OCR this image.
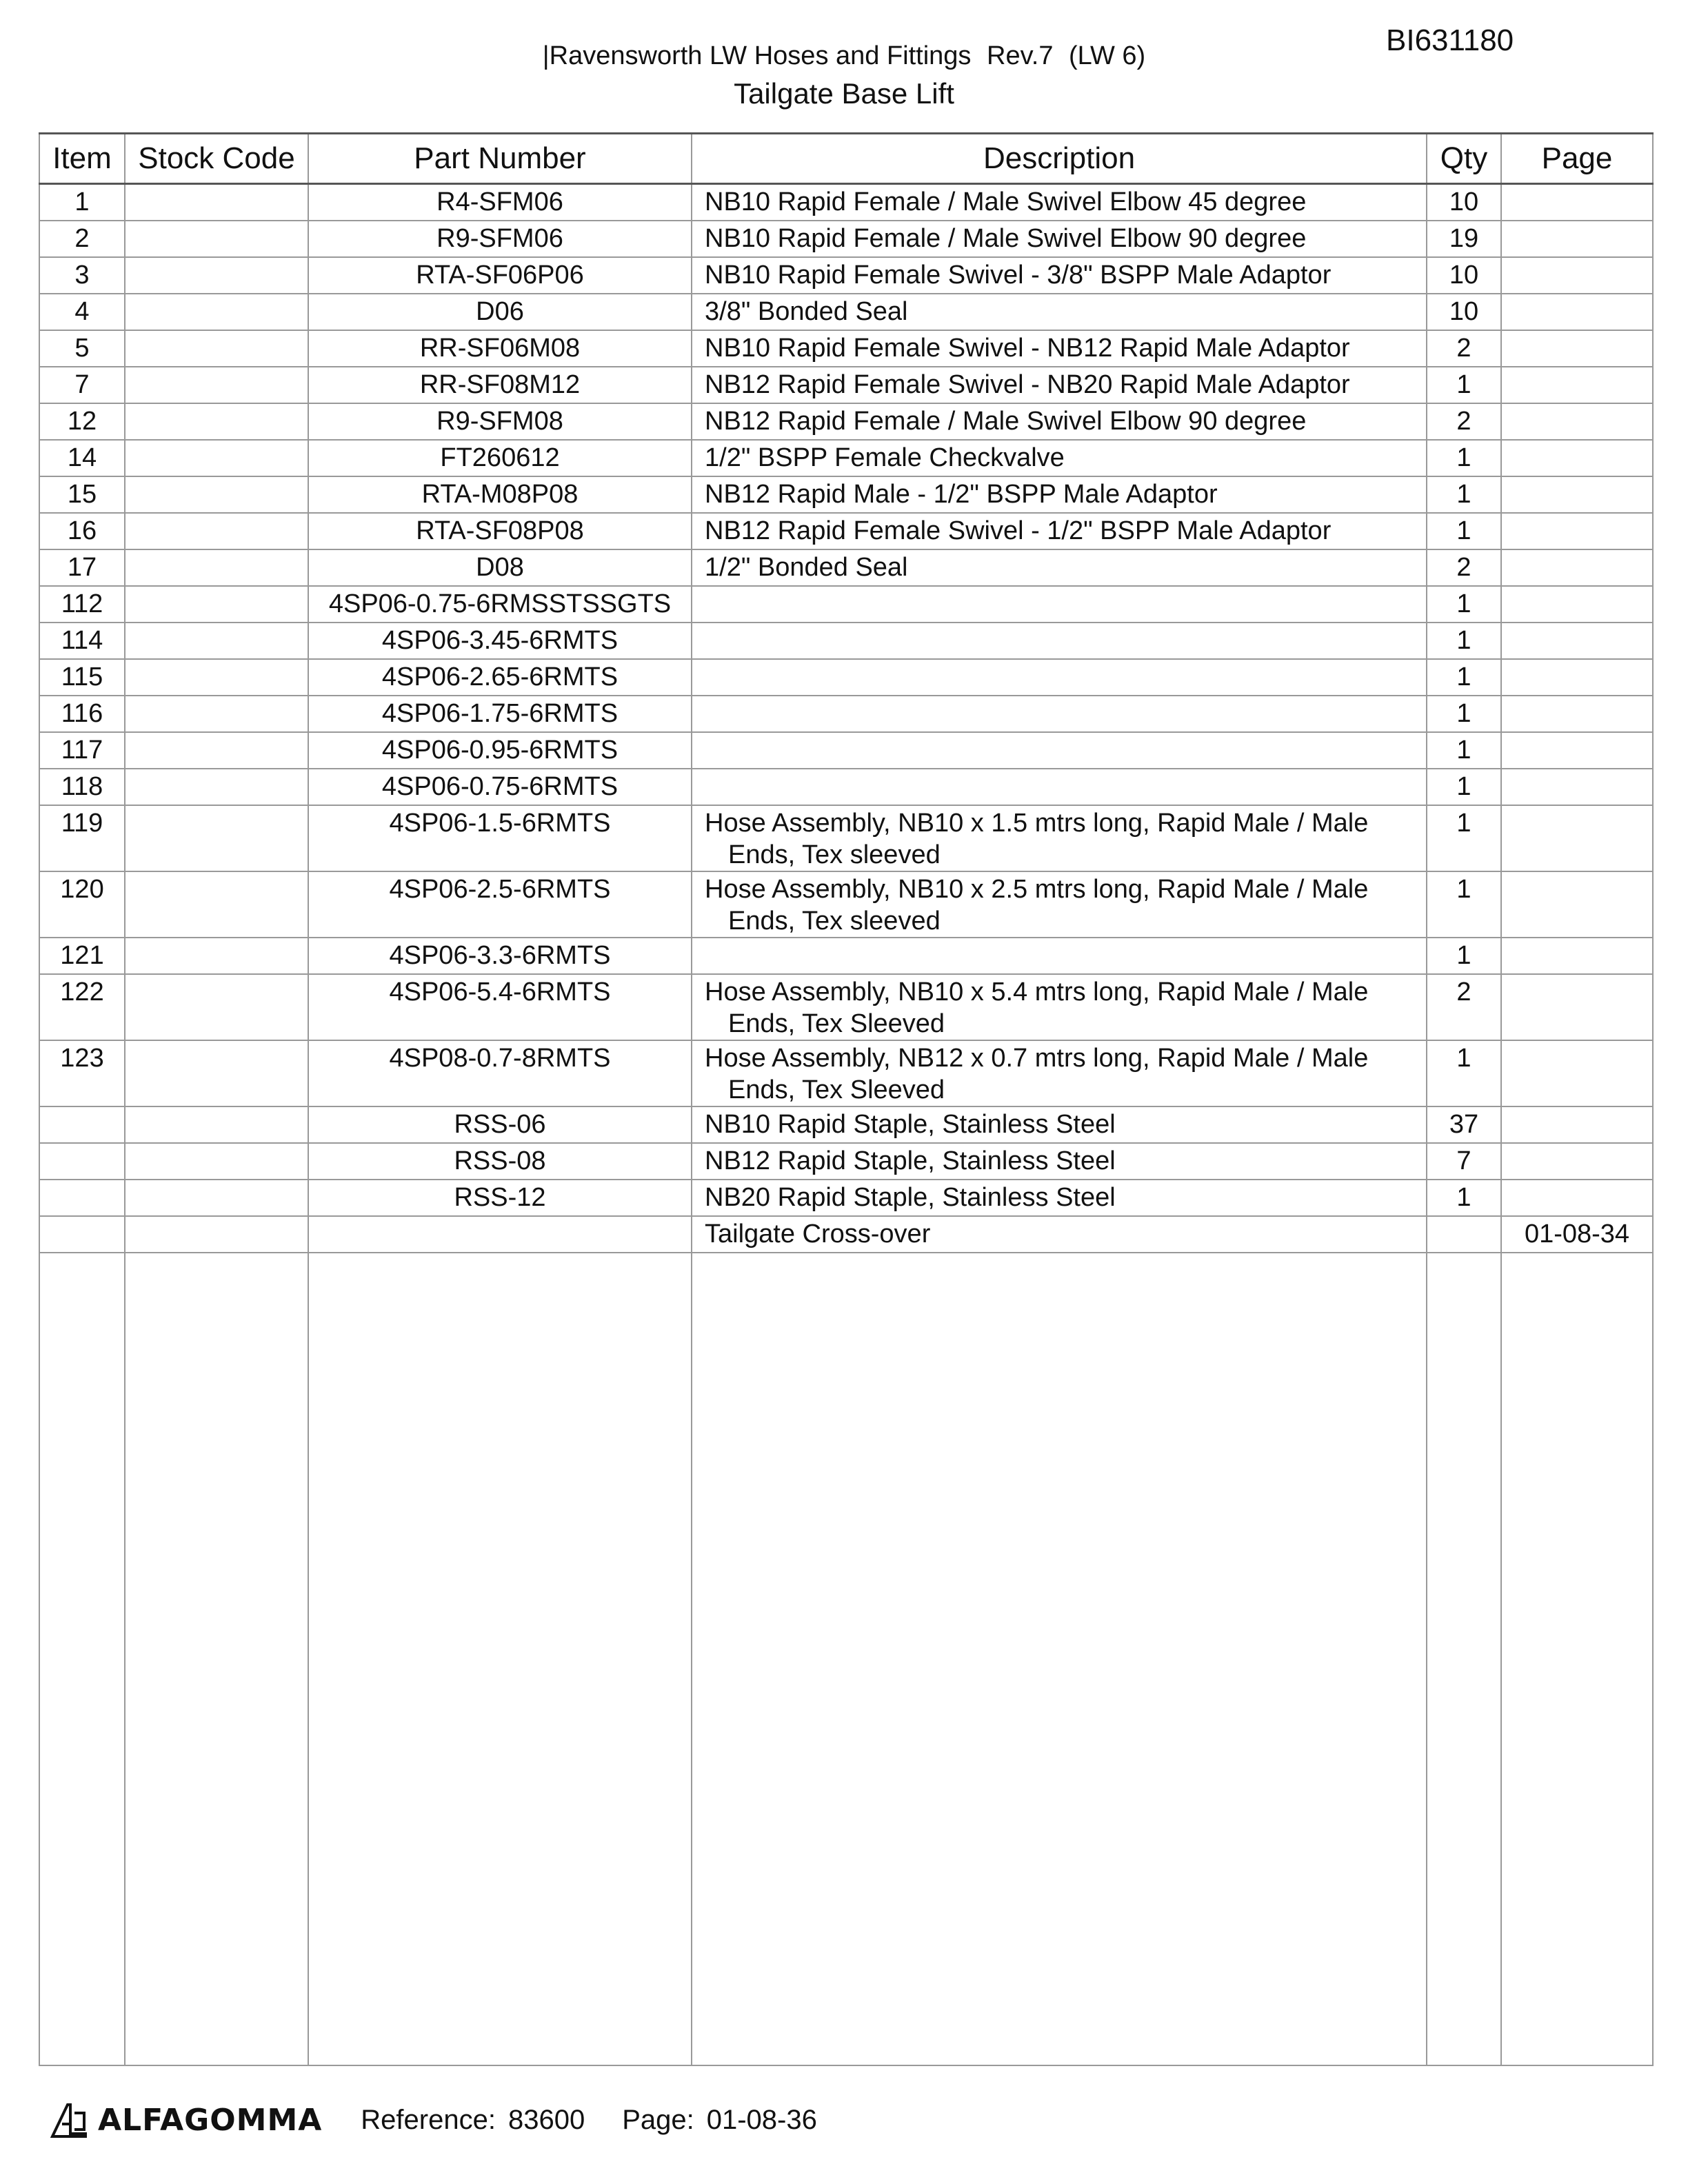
BI631180
|Ravensworth LW Hoses and Fittings Rev.7 (LW 6)
Tailgate Base Lift
Item	Stock Code	Part Number	Description	Qty	Page
1		R4-SFM06	NB10 Rapid Female / Male Swivel Elbow 45 degree	10	
2		R9-SFM06	NB10 Rapid Female / Male Swivel Elbow 90 degree	19	
3		RTA-SF06P06	NB10 Rapid Female Swivel - 3/8" BSPP Male Adaptor	10	
4		D06	3/8" Bonded Seal	10	
5		RR-SF06M08	NB10 Rapid Female Swivel - NB12 Rapid Male Adaptor	2	
7		RR-SF08M12	NB12 Rapid Female Swivel - NB20 Rapid Male Adaptor	1	
12		R9-SFM08	NB12 Rapid Female / Male Swivel Elbow 90 degree	2	
14		FT260612	1/2" BSPP Female Checkvalve	1	
15		RTA-M08P08	NB12 Rapid Male - 1/2" BSPP Male Adaptor	1	
16		RTA-SF08P08	NB12 Rapid Female Swivel - 1/2" BSPP Male Adaptor	1	
17		D08	1/2" Bonded Seal	2	
112		4SP06-0.75-6RMSSTSSGTS		1	
114		4SP06-3.45-6RMTS		1	
115		4SP06-2.65-6RMTS		1	
116		4SP06-1.75-6RMTS		1	
117		4SP06-0.95-6RMTS		1	
118		4SP06-0.75-6RMTS		1	
119		4SP06-1.5-6RMTS	Hose Assembly, NB10 x 1.5 mtrs long, Rapid Male / Male
Ends, Tex sleeved	1	
120		4SP06-2.5-6RMTS	Hose Assembly, NB10 x 2.5 mtrs long, Rapid Male / Male
Ends, Tex sleeved	1	
121		4SP06-3.3-6RMTS		1	
122		4SP06-5.4-6RMTS	Hose Assembly, NB10 x 5.4 mtrs long, Rapid Male / Male
Ends, Tex Sleeved	2	
123		4SP08-0.7-8RMTS	Hose Assembly, NB12 x 0.7 mtrs long, Rapid Male / Male
Ends, Tex Sleeved	1	
		RSS-06	NB10 Rapid Staple, Stainless Steel	37	
		RSS-08	NB12 Rapid Staple, Stainless Steel	7	
		RSS-12	NB20 Rapid Staple, Stainless Steel	1	
			Tailgate Cross-over		01-08-34

ALFAGOMMA Reference: 83600 Page: 01-08-36
